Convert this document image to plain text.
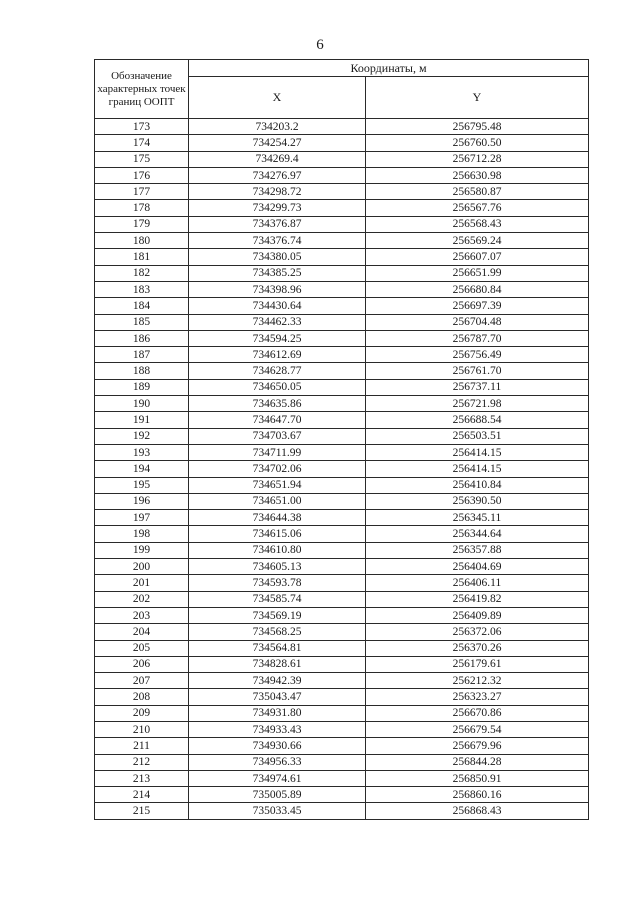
6
Обозначение характерных точек границ ООПТ	Координаты, м	
	X	Y
173	734203.2	256795.48
174	734254.27	256760.50
175	734269.4	256712.28
176	734276.97	256630.98
177	734298.72	256580.87
178	734299.73	256567.76
179	734376.87	256568.43
180	734376.74	256569.24
181	734380.05	256607.07
182	734385.25	256651.99
183	734398.96	256680.84
184	734430.64	256697.39
185	734462.33	256704.48
186	734594.25	256787.70
187	734612.69	256756.49
188	734628.77	256761.70
189	734650.05	256737.11
190	734635.86	256721.98
191	734647.70	256688.54
192	734703.67	256503.51
193	734711.99	256414.15
194	734702.06	256414.15
195	734651.94	256410.84
196	734651.00	256390.50
197	734644.38	256345.11
198	734615.06	256344.64
199	734610.80	256357.88
200	734605.13	256404.69
201	734593.78	256406.11
202	734585.74	256419.82
203	734569.19	256409.89
204	734568.25	256372.06
205	734564.81	256370.26
206	734828.61	256179.61
207	734942.39	256212.32
208	735043.47	256323.27
209	734931.80	256670.86
210	734933.43	256679.54
211	734930.66	256679.96
212	734956.33	256844.28
213	734974.61	256850.91
214	735005.89	256860.16
215	735033.45	256868.43
